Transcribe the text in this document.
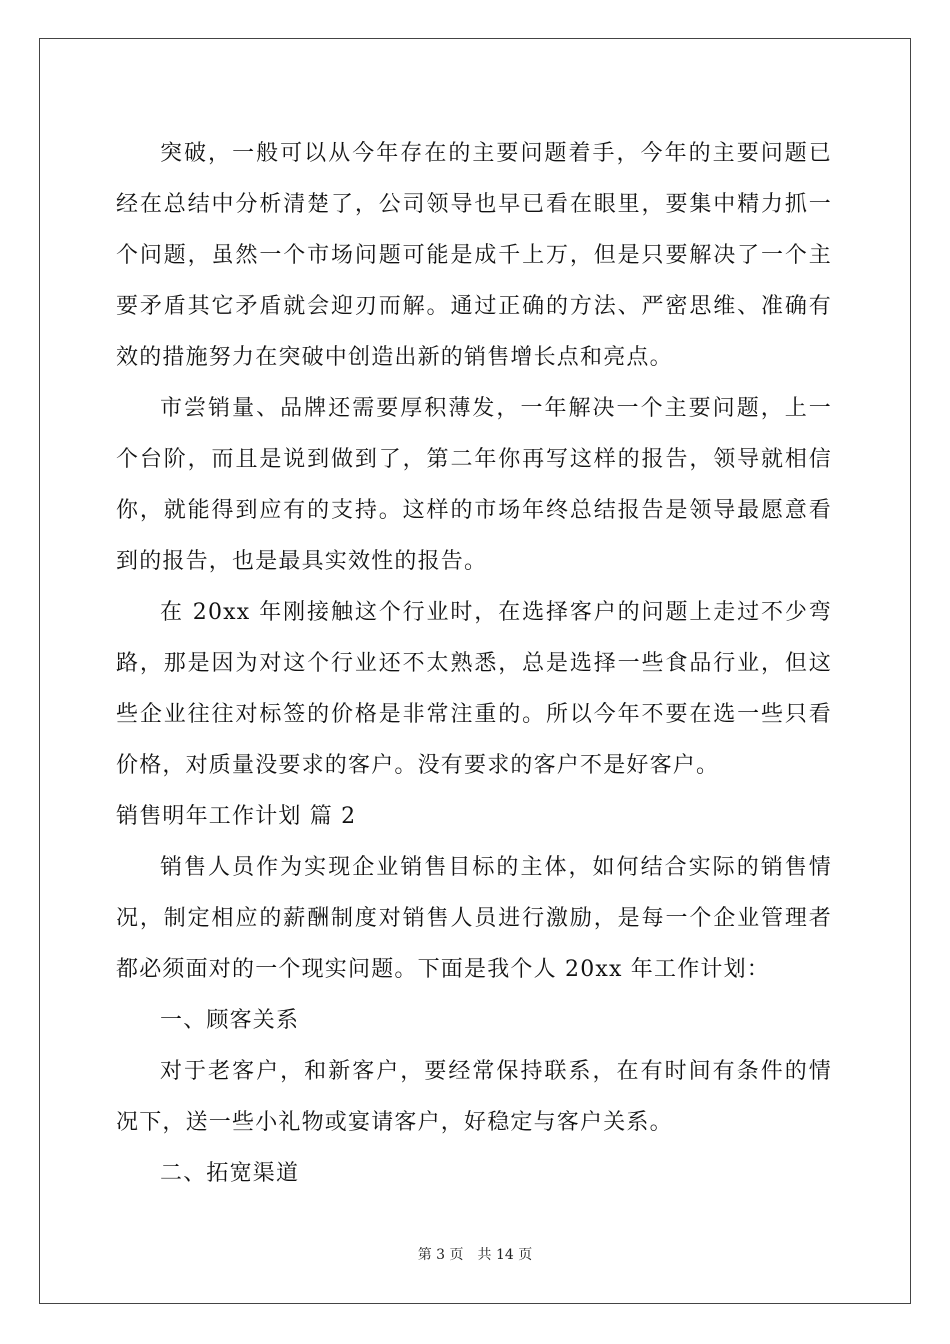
突破，一般可以从今年存在的主要问题着手，今年的主要问题已经在总结中分析清楚了，公司领导也早已看在眼里，要集中精力抓一个问题，虽然一个市场问题可能是成千上万，但是只要解决了一个主要矛盾其它矛盾就会迎刃而解。通过正确的方法、严密思维、准确有效的措施努力在突破中创造出新的销售增长点和亮点。

市尝销量、品牌还需要厚积薄发，一年解决一个主要问题，上一个台阶，而且是说到做到了，第二年你再写这样的报告，领导就相信你，就能得到应有的支持。这样的市场年终总结报告是领导最愿意看到的报告，也是最具实效性的报告。

在 20xx 年刚接触这个行业时，在选择客户的问题上走过不少弯路，那是因为对这个行业还不太熟悉，总是选择一些食品行业，但这些企业往往对标签的价格是非常注重的。所以今年不要在选一些只看价格，对质量没要求的客户。没有要求的客户不是好客户。

销售明年工作计划 篇 2

销售人员作为实现企业销售目标的主体，如何结合实际的销售情况，制定相应的薪酬制度对销售人员进行激励，是每一个企业管理者都必须面对的一个现实问题。下面是我个人 20xx 年工作计划：

一、顾客关系

对于老客户，和新客户，要经常保持联系，在有时间有条件的情况下，送一些小礼物或宴请客户，好稳定与客户关系。

二、拓宽渠道

第 3 页 共 14 页
